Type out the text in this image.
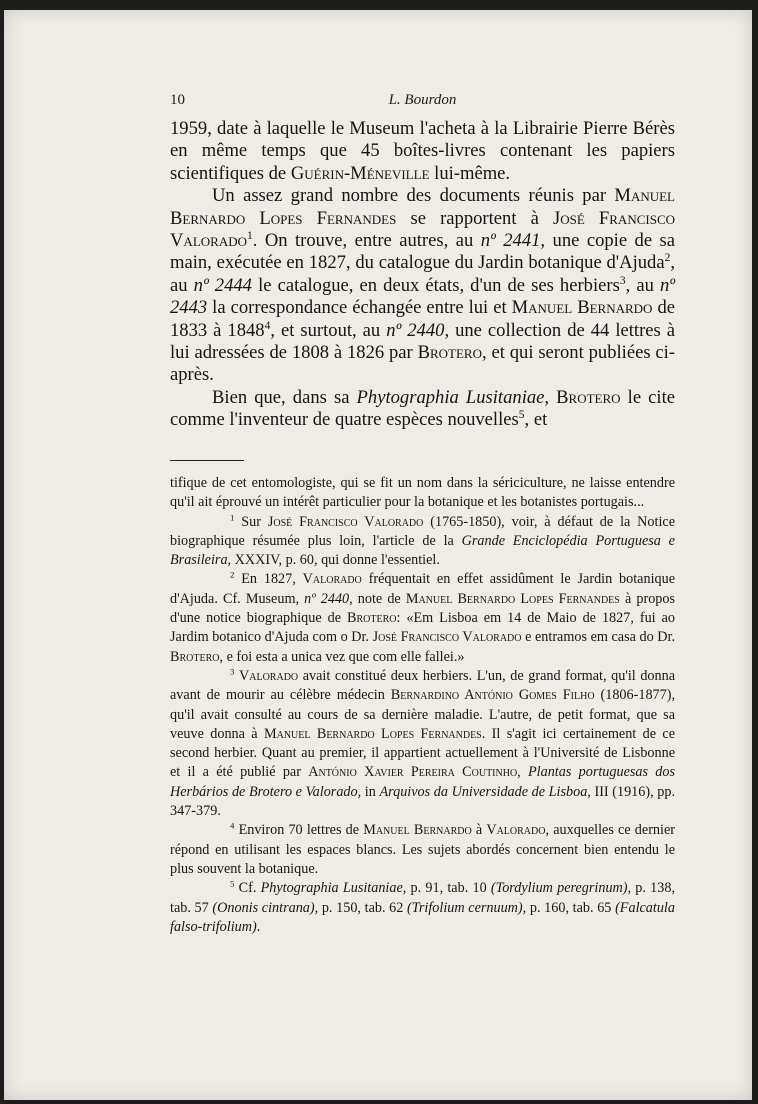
10	L. Bourdon

1959, date à laquelle le Museum l'acheta à la Librairie Pierre Bérès en même temps que 45 boîtes-livres contenant les papiers scientifiques de Guérin-Méneville lui-même.

Un assez grand nombre des documents réunis par Manuel Bernardo Lopes Fernandes se rapportent à José Francisco Valorado$^1$. On trouve, entre autres, au nº 2441, une copie de sa main, exécutée en 1827, du catalogue du Jardin botanique d'Ajuda$^2$, au nº 2444 le catalogue, en deux états, d'un de ses herbiers$^3$, au nº 2443 la correspondance échangée entre lui et Manuel Bernardo de 1833 à 1848$^4$, et surtout, au nº 2440, une collection de 44 lettres à lui adressées de 1808 à 1826 par Brotero, et qui seront publiées ci-après.

Bien que, dans sa Phytographia Lusitaniae, Brotero le cite comme l'inventeur de quatre espèces nouvelles$^5$, et

tifique de cet entomologiste, qui se fit un nom dans la sériciculture, ne laisse entendre qu'il ait éprouvé un intérêt particulier pour la botanique et les botanistes portugais...

$^1$ Sur José Francisco Valorado (1765-1850), voir, à défaut de la Notice biographique résumée plus loin, l'article de la Grande Enciclopédia Portuguesa e Brasileira, XXXIV, p. 60, qui donne l'essentiel.

$^2$ En 1827, Valorado fréquentait en effet assidûment le Jardin botanique d'Ajuda. Cf. Museum, nº 2440, note de Manuel Bernardo Lopes Fernandes à propos d'une notice biographique de Brotero: «Em Lisboa em 14 de Maio de 1827, fui ao Jardim botanico d'Ajuda com o Dr. José Francisco Valorado e entramos em casa do Dr. Brotero, e foi esta a unica vez que com elle fallei.»

$^3$ Valorado avait constitué deux herbiers. L'un, de grand format, qu'il donna avant de mourir au célèbre médecin Bernardino António Gomes Filho (1806-1877), qu'il avait consulté au cours de sa dernière maladie. L'autre, de petit format, que sa veuve donna à Manuel Bernardo Lopes Fernandes. Il s'agit ici certainement de ce second herbier. Quant au premier, il appartient actuellement à l'Université de Lisbonne et il a été publié par António Xavier Pereira Coutinho, Plantas portuguesas dos Herbários de Brotero e Valorado, in Arquivos da Universidade de Lisboa, III (1916), pp. 347-379.

$^4$ Environ 70 lettres de Manuel Bernardo à Valorado, auxquelles ce dernier répond en utilisant les espaces blancs. Les sujets abordés concernent bien entendu le plus souvent la botanique.

$^5$ Cf. Phytographia Lusitaniae, p. 91, tab. 10 (Tordylium peregrinum), p. 138, tab. 57 (Ononis cintrana), p. 150, tab. 62 (Trifolium cernuum), p. 160, tab. 65 (Falcatula falso-trifolium).
